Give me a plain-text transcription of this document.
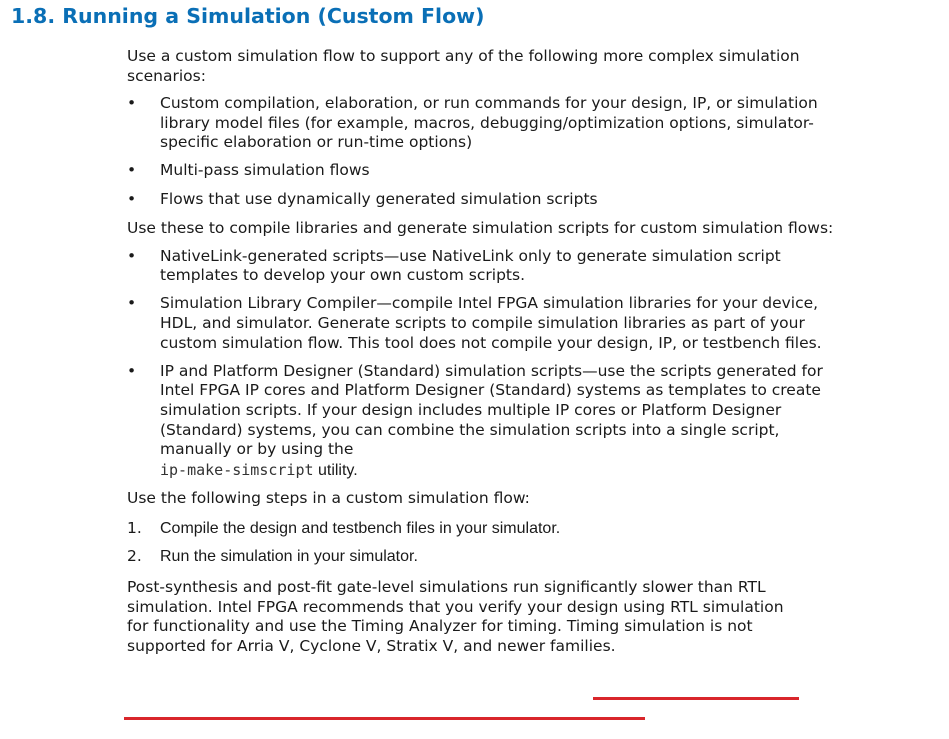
1.8. Running a Simulation (Custom Flow)

Use a custom simulation flow to support any of the following more complex simulation scenarios:

• Custom compilation, elaboration, or run commands for your design, IP, or simulation library model files (for example, macros, debugging/optimization options, simulator-specific elaboration or run-time options)
• Multi-pass simulation flows
• Flows that use dynamically generated simulation scripts

Use these to compile libraries and generate simulation scripts for custom simulation flows:

• NativeLink-generated scripts—use NativeLink only to generate simulation script templates to develop your own custom scripts.
• Simulation Library Compiler—compile Intel FPGA simulation libraries for your device, HDL, and simulator. Generate scripts to compile simulation libraries as part of your custom simulation flow. This tool does not compile your design, IP, or testbench files.
• IP and Platform Designer (Standard) simulation scripts—use the scripts generated for Intel FPGA IP cores and Platform Designer (Standard) systems as templates to create simulation scripts. If your design includes multiple IP cores or Platform Designer (Standard) systems, you can combine the simulation scripts into a single script, manually or by using the
ip-make-simscript utility.

Use the following steps in a custom simulation flow:

1. Compile the design and testbench files in your simulator.
2. Run the simulation in your simulator.

Post-synthesis and post-fit gate-level simulations run significantly slower than RTL
simulation. Intel FPGA recommends that you verify your design using RTL simulation
for functionality and use the Timing Analyzer for timing. Timing simulation is not
supported for Arria V, Cyclone V, Stratix V, and newer families.
